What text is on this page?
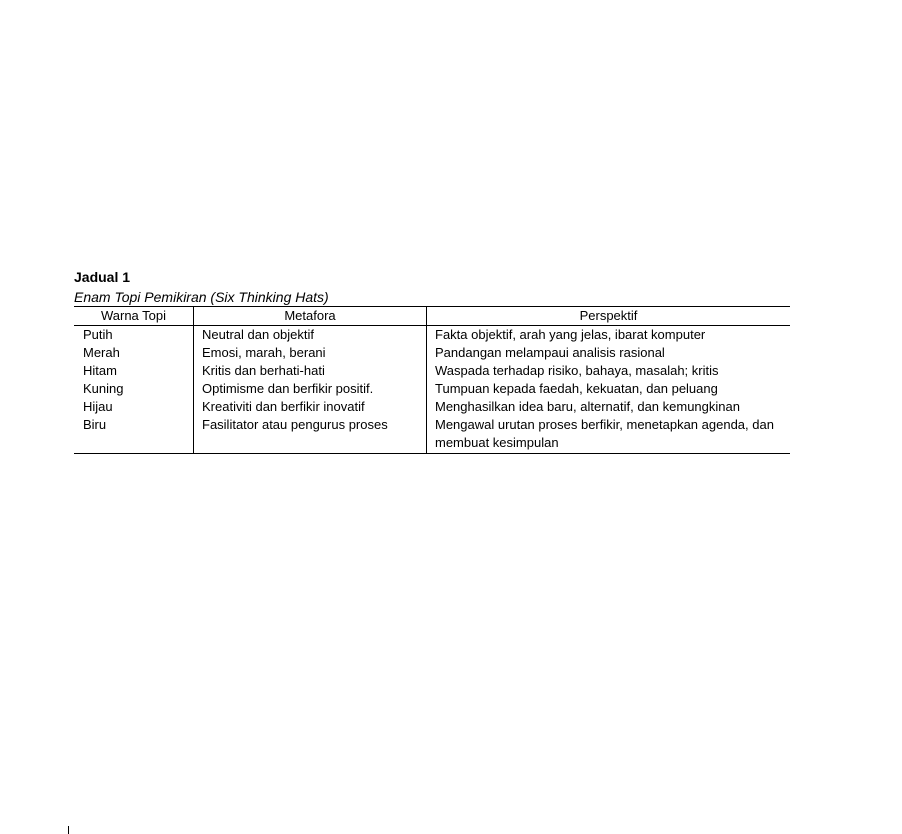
Jadual 1

Enam Topi Pemikiran (Six Thinking Hats)

Warna Topi	Metafora	Perspektif
Putih	Neutral dan objektif	Fakta objektif, arah yang jelas, ibarat komputer
Merah	Emosi, marah, berani	Pandangan melampaui analisis rasional
Hitam	Kritis dan berhati-hati	Waspada terhadap risiko, bahaya, masalah; kritis
Kuning	Optimisme dan berfikir positif.	Tumpuan kepada faedah, kekuatan, dan peluang
Hijau	Kreativiti dan berfikir inovatif	Menghasilkan idea baru, alternatif, dan kemungkinan
Biru	Fasilitator atau pengurus proses	Mengawal urutan proses berfikir, menetapkan agenda, dan membuat kesimpulan
